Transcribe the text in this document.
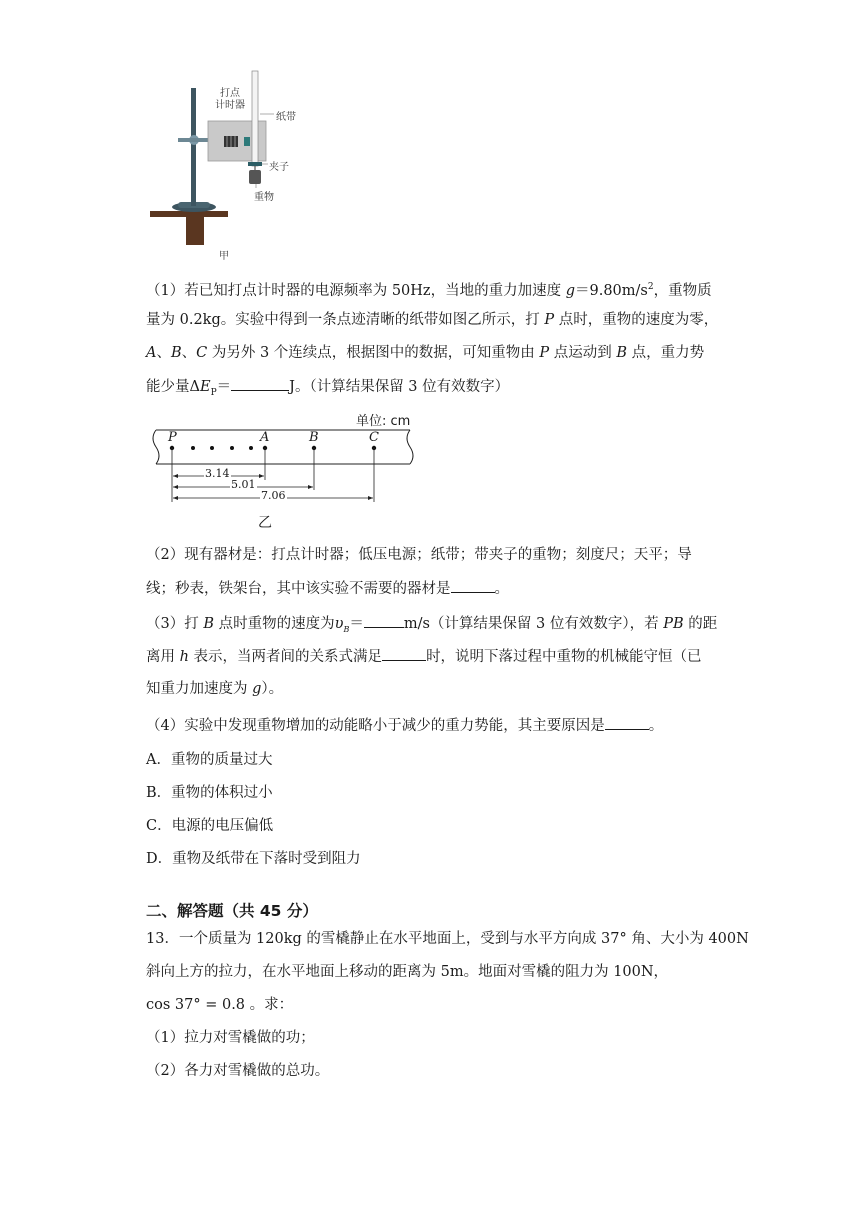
打点
计时器
纸带
夹子
重物
甲
（1）若已知打点计时器的电源频率为 50Hz，当地的重力加速度 $g=9.80m/s^2$，重物质
量为 0.2kg。实验中得到一条点迹清晰的纸带如图乙所示，打 P 点时，重物的速度为零，
A、B、C 为另外 3 个连续点，根据图中的数据，可知重物由 P 点运动到 B 点，重力势
能少量$\Delta E_P=$	J。（计算结果保留 3 位有效数字）
单位: cm
P	A	B	C
3.14
5.01
7.06
乙
（2）现有器材是：打点计时器；低压电源；纸带；带夹子的重物；刻度尺；天平；导
线；秒表，铁架台，其中该实验不需要的器材是	。
（3）打 B 点时重物的速度为$\upsilon_B=$	m/s（计算结果保留 3 位有效数字），若 PB 的距
离用 h 表示，当两者间的关系式满足	时，说明下落过程中重物的机械能守恒（已
知重力加速度为 g）。
（4）实验中发现重物增加的动能略小于减少的重力势能，其主要原因是	。
A．重物的质量过大
B．重物的体积过小
C．电源的电压偏低
D．重物及纸带在下落时受到阻力
二、解答题（共 45 分）
13．一个质量为 120kg 的雪橇静止在水平地面上，受到与水平方向成 37° 角、大小为 400N
斜向上方的拉力，在水平地面上移动的距离为 5m。地面对雪橇的阻力为 100N，
cos 37° = 0.8 。求：
（1）拉力对雪橇做的功；
（2）各力对雪橇做的总功。
